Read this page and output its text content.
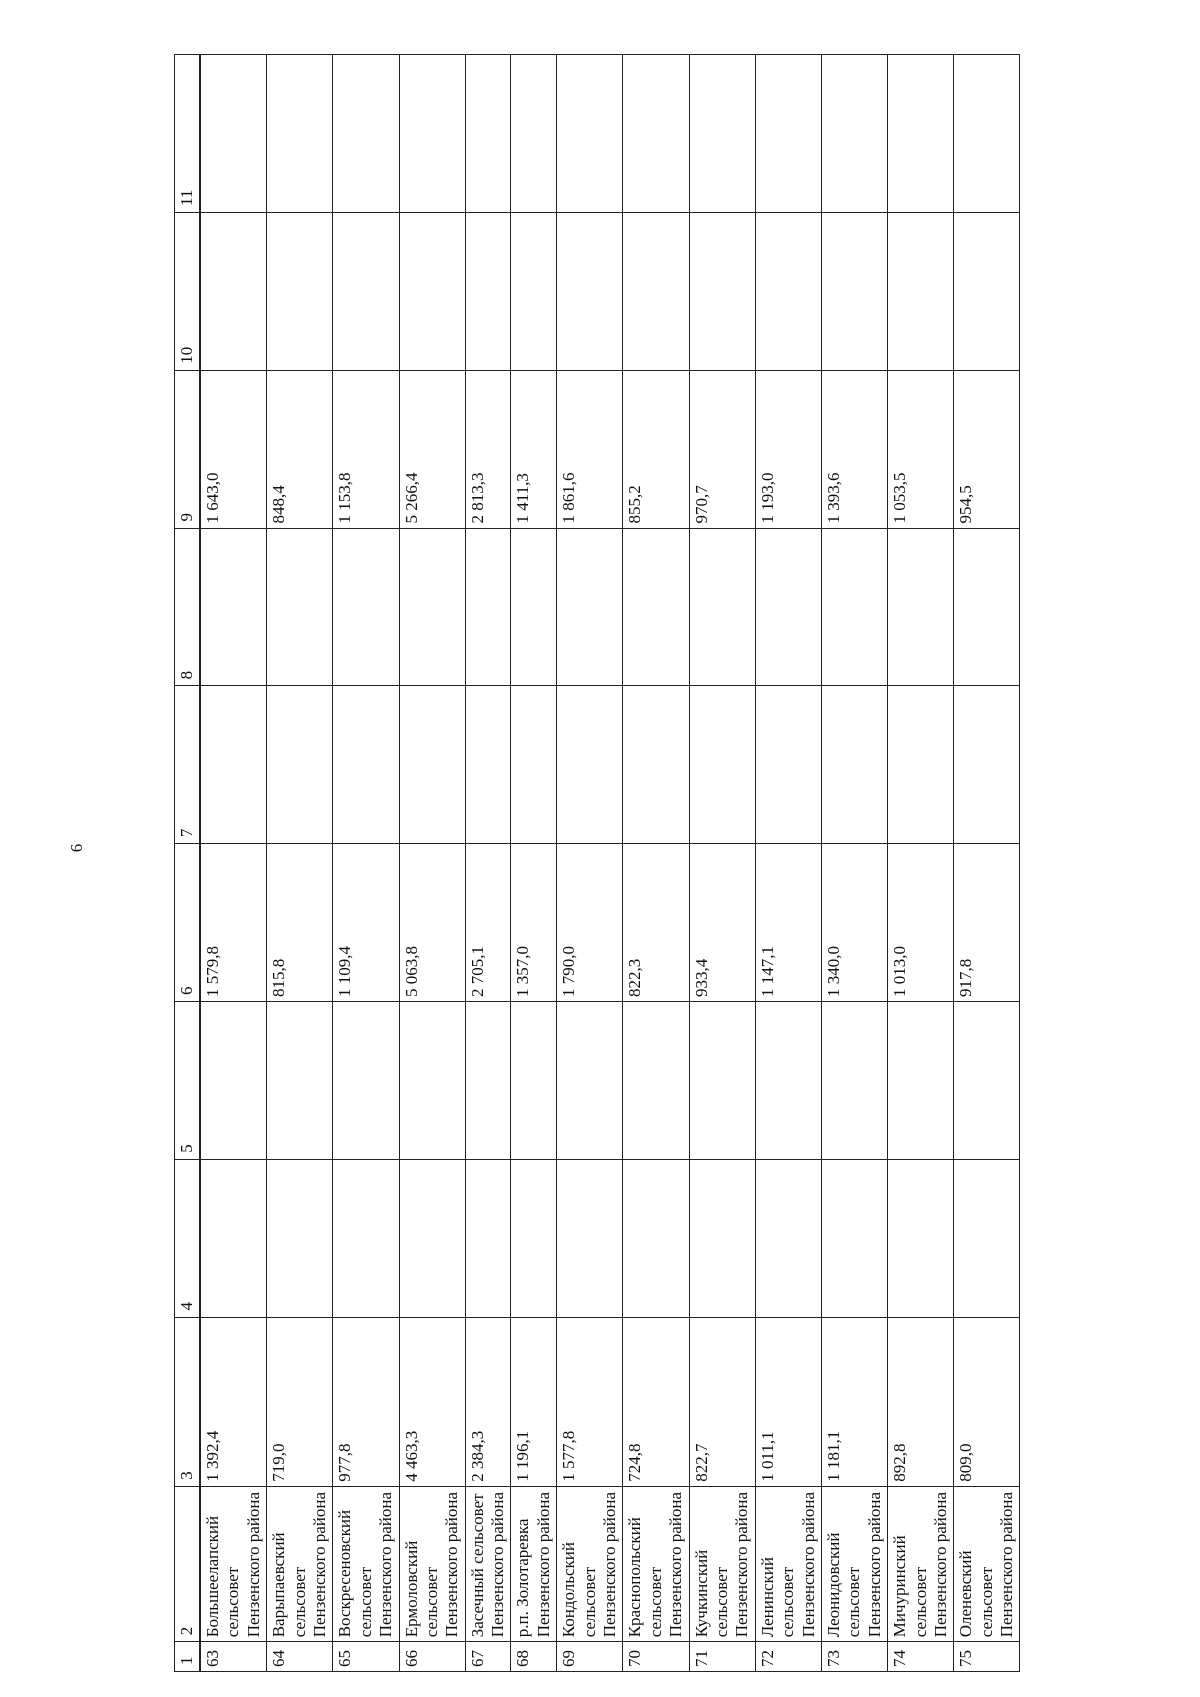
6
1	2	3	4	5	6	7	8	9	10	11

63	Большеелапский сельсовет Пензенского района	1 392,4			1 579,8			1 643,0		
64	Варыпаевский сельсовет Пензенского района	719,0			815,8			848,4		
65	Воскресеновский сельсовет Пензенского района	977,8			1 109,4			1 153,8		
66	Ермоловский сельсовет Пензенского района	4 463,3			5 063,8			5 266,4		
67	Засечный сельсовет Пензенского района	2 384,3			2 705,1			2 813,3		
68	р.п. Золотаревка Пензенского района	1 196,1			1 357,0			1 411,3		
69	Кондольский сельсовет Пензенского района	1 577,8			1 790,0			1 861,6		
70	Краснопольский сельсовет Пензенского района	724,8			822,3			855,2		
71	Кучкинский сельсовет Пензенского района	822,7			933,4			970,7		
72	Ленинский сельсовет Пензенского района	1 011,1			1 147,1			1 193,0		
73	Леонидовский сельсовет Пензенского района	1 181,1			1 340,0			1 393,6		
74	Мичуринский сельсовет Пензенского района	892,8			1 013,0			1 053,5		
75	Оленевский сельсовет Пензенского района	809,0			917,8			954,5		
